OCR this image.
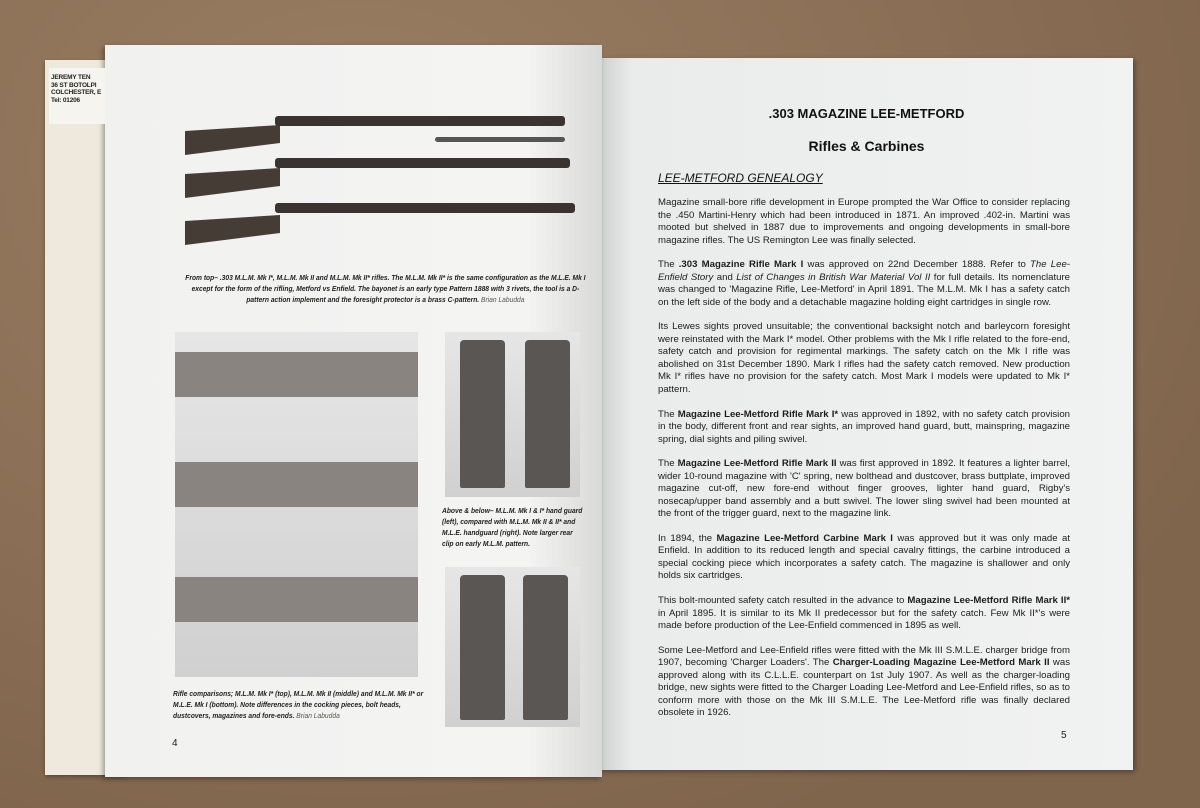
JEREMY TEN
36 ST BOTOLPI
COLCHESTER, E
Tel: 01206
From top– .303 M.L.M. Mk I*, M.L.M. Mk II and M.L.M. Mk II* rifles. The M.L.M. Mk II* is the same configuration as the M.L.E. Mk I except for the form of the rifling, Metford vs Enfield. The bayonet is an early type Pattern 1888 with 3 rivets, the tool is a D-pattern action implement and the foresight protector is a brass C-pattern. Brian Labudda
Above & below– M.L.M. Mk I & I* hand guard (left), compared with M.L.M. Mk II & II* and M.L.E. handguard (right). Note larger rear clip on early M.L.M. pattern.
Rifle comparisons; M.L.M. Mk I* (top), M.L.M. Mk II (middle) and M.L.M. Mk II* or M.L.E. Mk I (bottom). Note differences in the cocking pieces, bolt heads, dustcovers, magazines and fore-ends. Brian Labudda
4
.303 MAGAZINE LEE-METFORD
Rifles & Carbines
LEE-METFORD GENEALOGY

Magazine small-bore rifle development in Europe prompted the War Office to consider replacing the .450 Martini-Henry which had been introduced in 1871. An improved .402-in. Martini was mooted but shelved in 1887 due to improvements and ongoing developments in small-bore magazine rifles. The US Remington Lee was finally selected.

The .303 Magazine Rifle Mark I was approved on 22nd December 1888. Refer to The Lee-Enfield Story and List of Changes in British War Material Vol II for full details. Its nomenclature was changed to 'Magazine Rifle, Lee-Metford' in April 1891. The M.L.M. Mk I has a safety catch on the left side of the body and a detachable magazine holding eight cartridges in single row.

Its Lewes sights proved unsuitable; the conventional backsight notch and barleycorn foresight were reinstated with the Mark I* model. Other problems with the Mk I rifle related to the fore-end, safety catch and provision for regimental markings. The safety catch on the Mk I rifle was abolished on 31st December 1890. Mark I rifles had the safety catch removed. New production Mk I* rifles have no provision for the safety catch. Most Mark I models were updated to Mk I* pattern.

The Magazine Lee-Metford Rifle Mark I* was approved in 1892, with no safety catch provision in the body, different front and rear sights, an improved hand guard, butt, mainspring, magazine spring, dial sights and piling swivel.

The Magazine Lee-Metford Rifle Mark II was first approved in 1892. It features a lighter barrel, wider 10-round magazine with 'C' spring, new bolthead and dustcover, brass buttplate, improved magazine cut-off, new fore-end without finger grooves, lighter hand guard, Rigby's nosecap/upper band assembly and a butt swivel. The lower sling swivel had been mounted at the front of the trigger guard, next to the magazine link.

In 1894, the Magazine Lee-Metford Carbine Mark I was approved but it was only made at Enfield. In addition to its reduced length and special cavalry fittings, the carbine introduced a special cocking piece which incorporates a safety catch. The magazine is shallower and only holds six cartridges.

This bolt-mounted safety catch resulted in the advance to Magazine Lee-Metford Rifle Mark II* in April 1895. It is similar to its Mk II predecessor but for the safety catch. Few Mk II*'s were made before production of the Lee-Enfield commenced in 1895 as well.

Some Lee-Metford and Lee-Enfield rifles were fitted with the Mk III S.M.L.E. charger bridge from 1907, becoming 'Charger Loaders'. The Charger-Loading Magazine Lee-Metford Mark II was approved along with its C.L.L.E. counterpart on 1st July 1907. As well as the charger-loading bridge, new sights were fitted to the Charger Loading Lee-Metford and Lee-Enfield rifles, so as to conform more with those on the Mk III S.M.L.E. The Lee-Metford rifle was finally declared obsolete in 1926.

5
